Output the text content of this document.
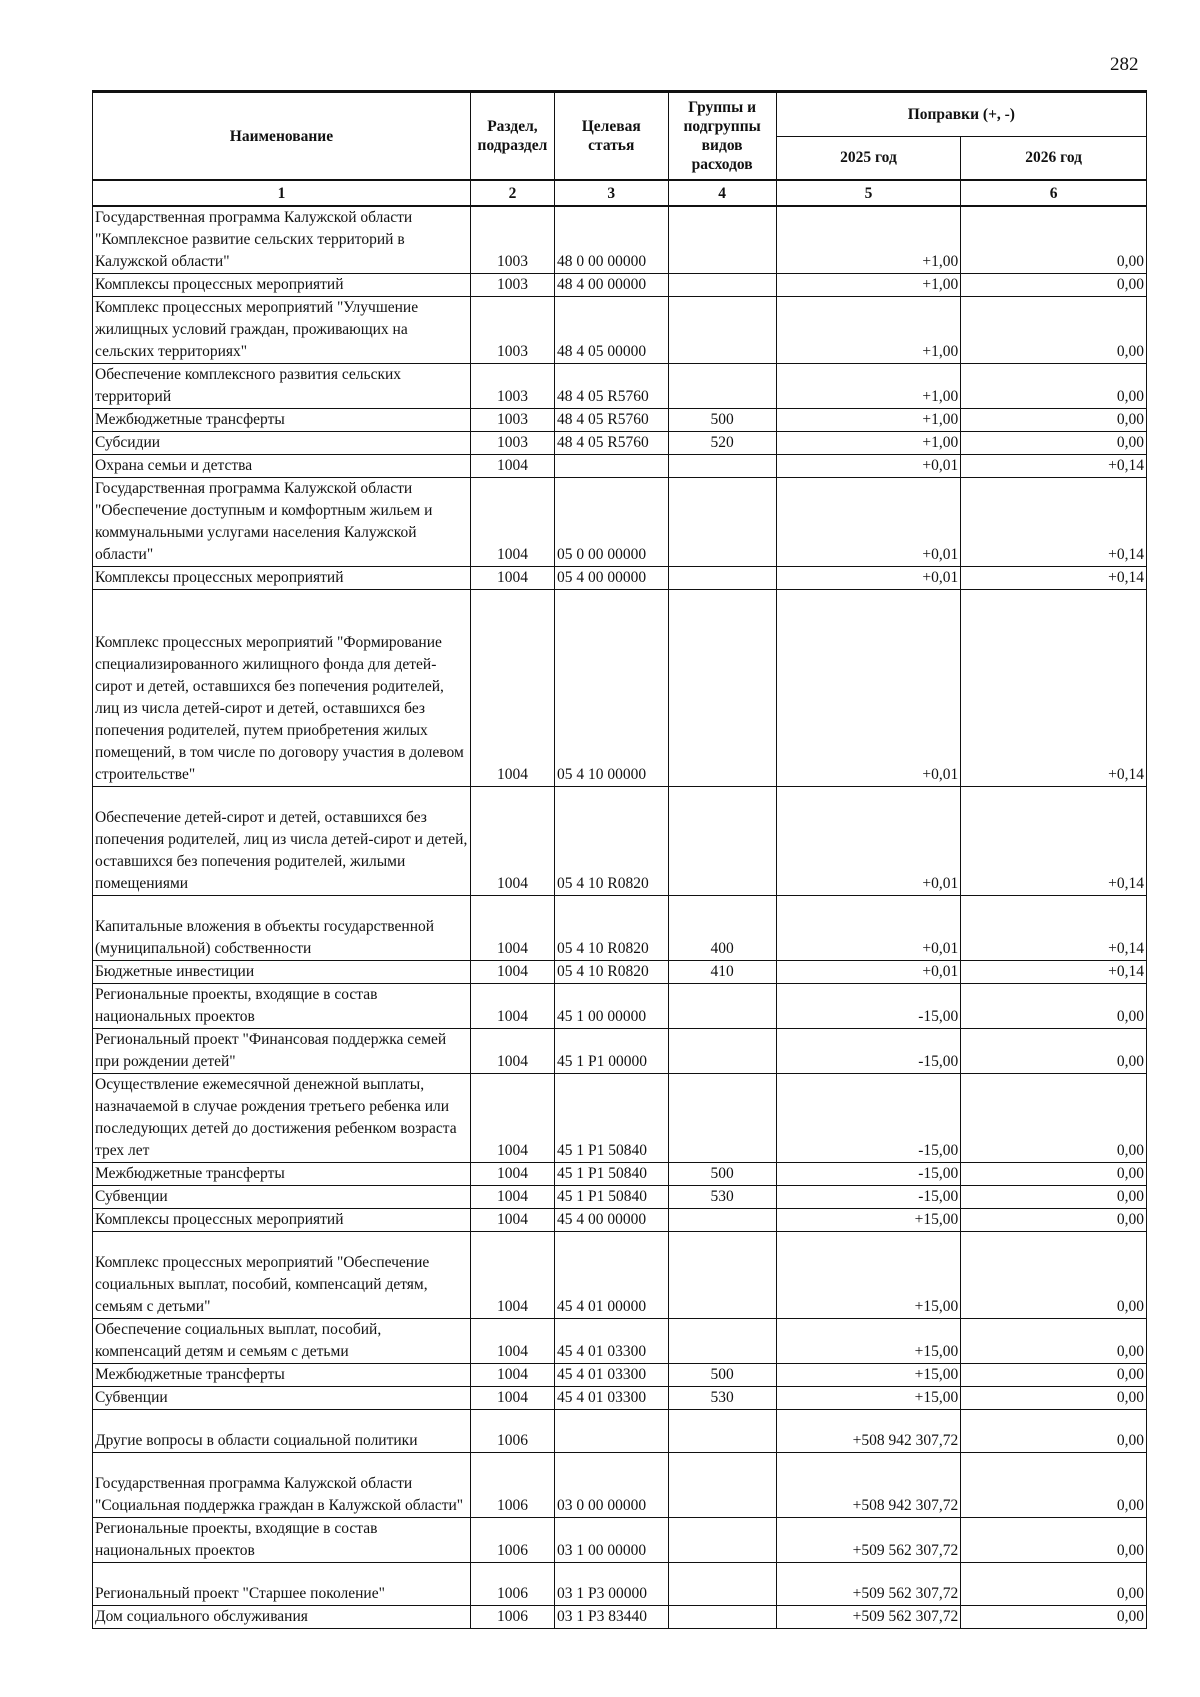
282
Наименование	Раздел, подраздел	Целевая статья	Группы и подгруппы видов расходов	Поправки (+, -)	
				2025 год	2026 год
1	2	3	4	5	6
Государственная программа Калужской области "Комплексное развитие сельских территорий в Калужской области"	1003	48 0 00 00000		+1,00	0,00
Комплексы процессных мероприятий	1003	48 4 00 00000		+1,00	0,00
Комплекс процессных мероприятий "Улучшение жилищных условий граждан, проживающих на сельских территориях"	1003	48 4 05 00000		+1,00	0,00
Обеспечение комплексного развития сельских территорий	1003	48 4 05 R5760		+1,00	0,00
Межбюджетные трансферты	1003	48 4 05 R5760	500	+1,00	0,00
Субсидии	1003	48 4 05 R5760	520	+1,00	0,00
Охрана семьи и детства	1004			+0,01	+0,14
Государственная программа Калужской области "Обеспечение доступным и комфортным жильем и коммунальными услугами населения Калужской области"	1004	05 0 00 00000		+0,01	+0,14
Комплексы процессных мероприятий	1004	05 4 00 00000		+0,01	+0,14
Комплекс процессных мероприятий "Формирование специализированного жилищного фонда для детей-сирот и детей, оставшихся без попечения родителей, лиц из числа детей-сирот и детей, оставшихся без попечения родителей, путем приобретения жилых помещений, в том числе по договору участия в долевом строительстве"	1004	05 4 10 00000		+0,01	+0,14
Обеспечение детей-сирот и детей, оставшихся без попечения родителей, лиц из числа детей-сирот и детей, оставшихся без попечения родителей, жилыми помещениями	1004	05 4 10 R0820		+0,01	+0,14
Капитальные вложения в объекты государственной (муниципальной) собственности	1004	05 4 10 R0820	400	+0,01	+0,14
Бюджетные инвестиции	1004	05 4 10 R0820	410	+0,01	+0,14
Региональные проекты, входящие в состав национальных проектов	1004	45 1 00 00000		-15,00	0,00
Региональный проект "Финансовая поддержка семей при рождении детей"	1004	45 1 P1 00000		-15,00	0,00
Осуществление ежемесячной денежной выплаты, назначаемой в случае рождения третьего ребенка или последующих детей до достижения ребенком возраста трех лет	1004	45 1 P1 50840		-15,00	0,00
Межбюджетные трансферты	1004	45 1 P1 50840	500	-15,00	0,00
Субвенции	1004	45 1 P1 50840	530	-15,00	0,00
Комплексы процессных мероприятий	1004	45 4 00 00000		+15,00	0,00
Комплекс процессных мероприятий "Обеспечение социальных выплат, пособий, компенсаций детям, семьям с детьми"	1004	45 4 01 00000		+15,00	0,00
Обеспечение социальных выплат, пособий, компенсаций детям и семьям с детьми	1004	45 4 01 03300		+15,00	0,00
Межбюджетные трансферты	1004	45 4 01 03300	500	+15,00	0,00
Субвенции	1004	45 4 01 03300	530	+15,00	0,00
Другие вопросы в области социальной политики	1006			+508 942 307,72	0,00
Государственная программа Калужской области "Социальная поддержка граждан в Калужской области"	1006	03 0 00 00000		+508 942 307,72	0,00
Региональные проекты, входящие в состав национальных проектов	1006	03 1 00 00000		+509 562 307,72	0,00
Региональный проект "Старшее поколение"	1006	03 1 P3 00000		+509 562 307,72	0,00
Дом социального обслуживания	1006	03 1 P3 83440		+509 562 307,72	0,00
